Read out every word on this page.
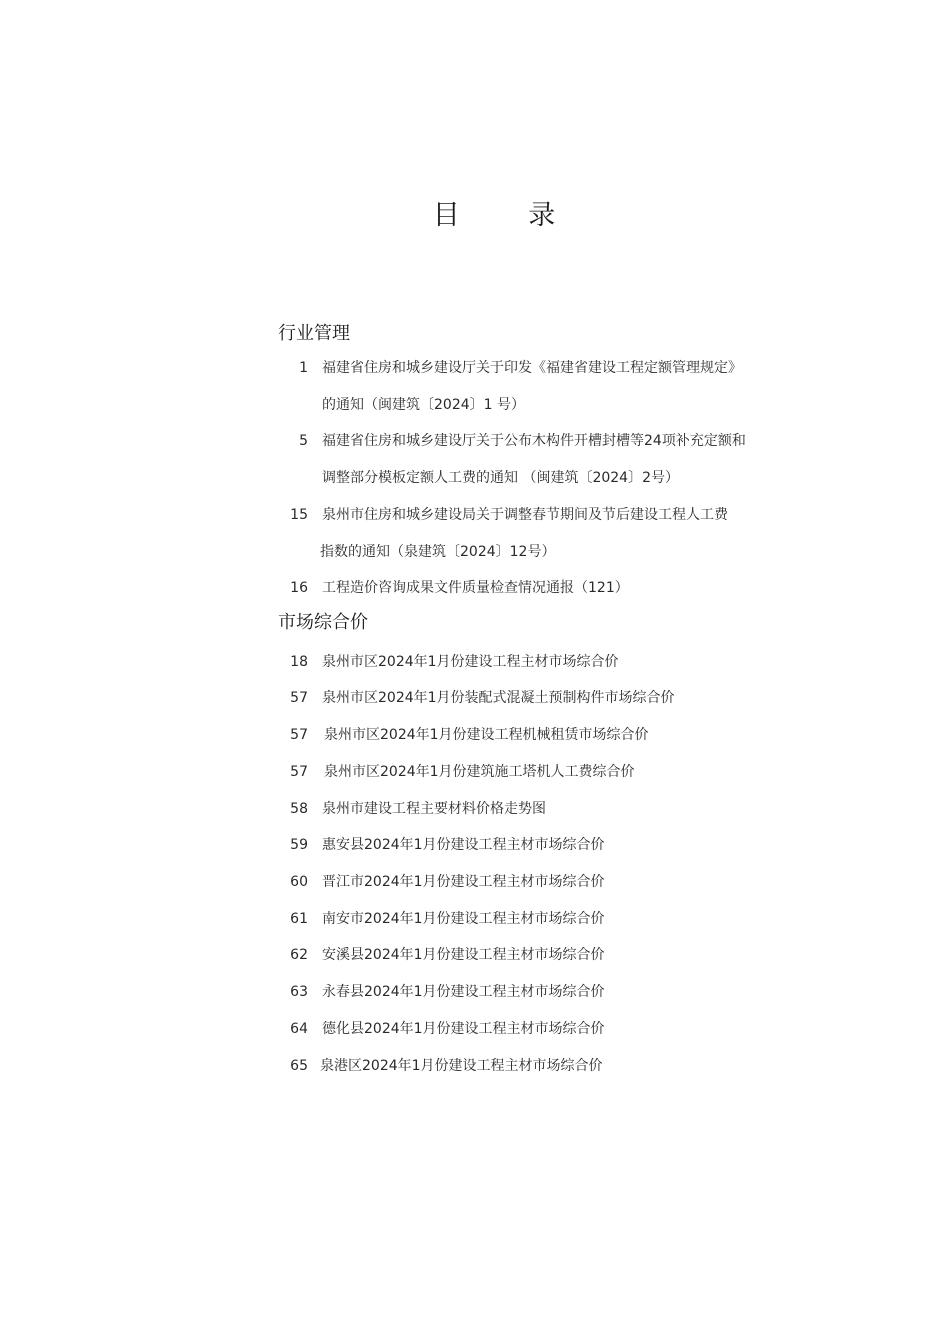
目 录
行业管理
1 福建省住房和城乡建设厅关于印发《福建省建设工程定额管理规定》
的通知（闽建筑〔2024〕1 号）
5 福建省住房和城乡建设厅关于公布木构件开槽封槽等24项补充定额和
调整部分模板定额人工费的通知 （闽建筑〔2024〕2号）
15 泉州市住房和城乡建设局关于调整春节期间及节后建设工程人工费
指数的通知（泉建筑〔2024〕12号）
16 工程造价咨询成果文件质量检查情况通报（121）
市场综合价
18 泉州市区2024年1月份建设工程主材市场综合价
57 泉州市区2024年1月份装配式混凝土预制构件市场综合价
57 泉州市区2024年1月份建设工程机械租赁市场综合价
57 泉州市区2024年1月份建筑施工塔机人工费综合价
58 泉州市建设工程主要材料价格走势图
59 惠安县2024年1月份建设工程主材市场综合价
60 晋江市2024年1月份建设工程主材市场综合价
61 南安市2024年1月份建设工程主材市场综合价
62 安溪县2024年1月份建设工程主材市场综合价
63 永春县2024年1月份建设工程主材市场综合价
64 德化县2024年1月份建设工程主材市场综合价
65 泉港区2024年1月份建设工程主材市场综合价
